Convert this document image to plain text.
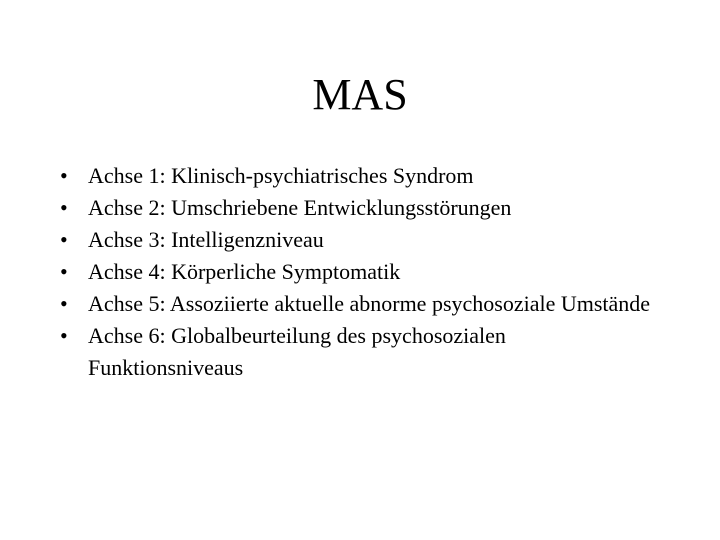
MAS
• Achse 1: Klinisch-psychiatrisches Syndrom
• Achse 2: Umschriebene Entwicklungsstörungen
• Achse 3: Intelligenzniveau
• Achse 4: Körperliche Symptomatik
• Achse 5: Assoziierte aktuelle abnorme psychosoziale Umstände
• Achse 6: Globalbeurteilung des psychosozialen Funktionsniveaus
